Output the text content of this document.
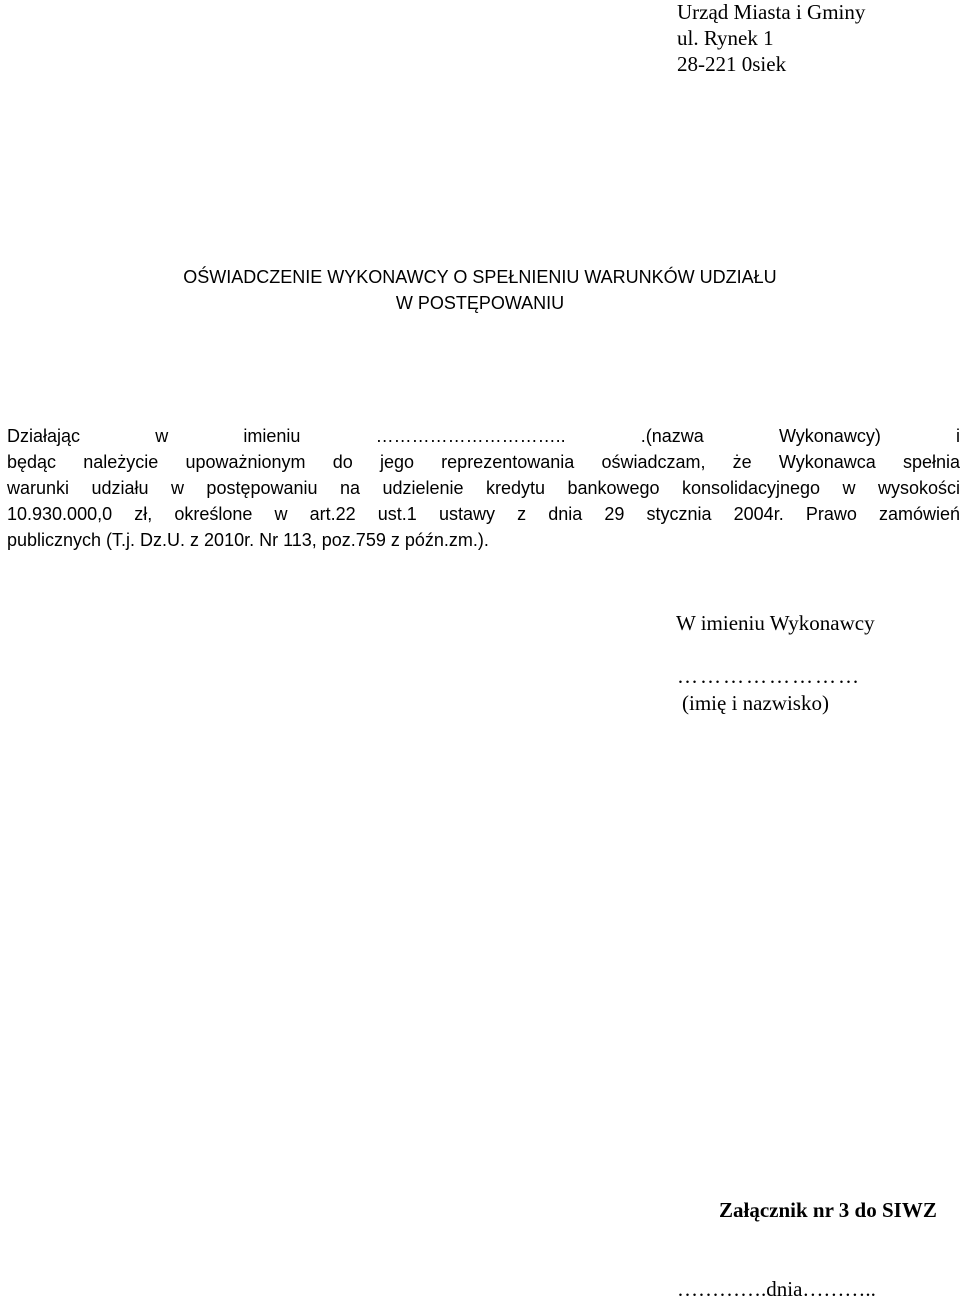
Urząd Miasta i Gminy
ul. Rynek 1
28-221 0siek
OŚWIADCZENIE WYKONAWCY O SPEŁNIENIU WARUNKÓW UDZIAŁU
W POSTĘPOWANIU
Działając w imieniu ………………………….. .(nazwa Wykonawcy) i
będąc należycie upoważnionym do jego reprezentowania oświadczam, że Wykonawca spełnia
warunki udziału w postępowaniu na udzielenie kredytu bankowego konsolidacyjnego w wysokości
10.930.000,0 zł, określone w art.22 ust.1 ustawy z dnia 29 stycznia 2004r. Prawo zamówień
publicznych (T.j. Dz.U. z 2010r. Nr 113, poz.759 z późn.zm.).
W imieniu Wykonawcy
……………………
(imię i nazwisko)
Załącznik nr 3 do SIWZ
………….dnia………..
